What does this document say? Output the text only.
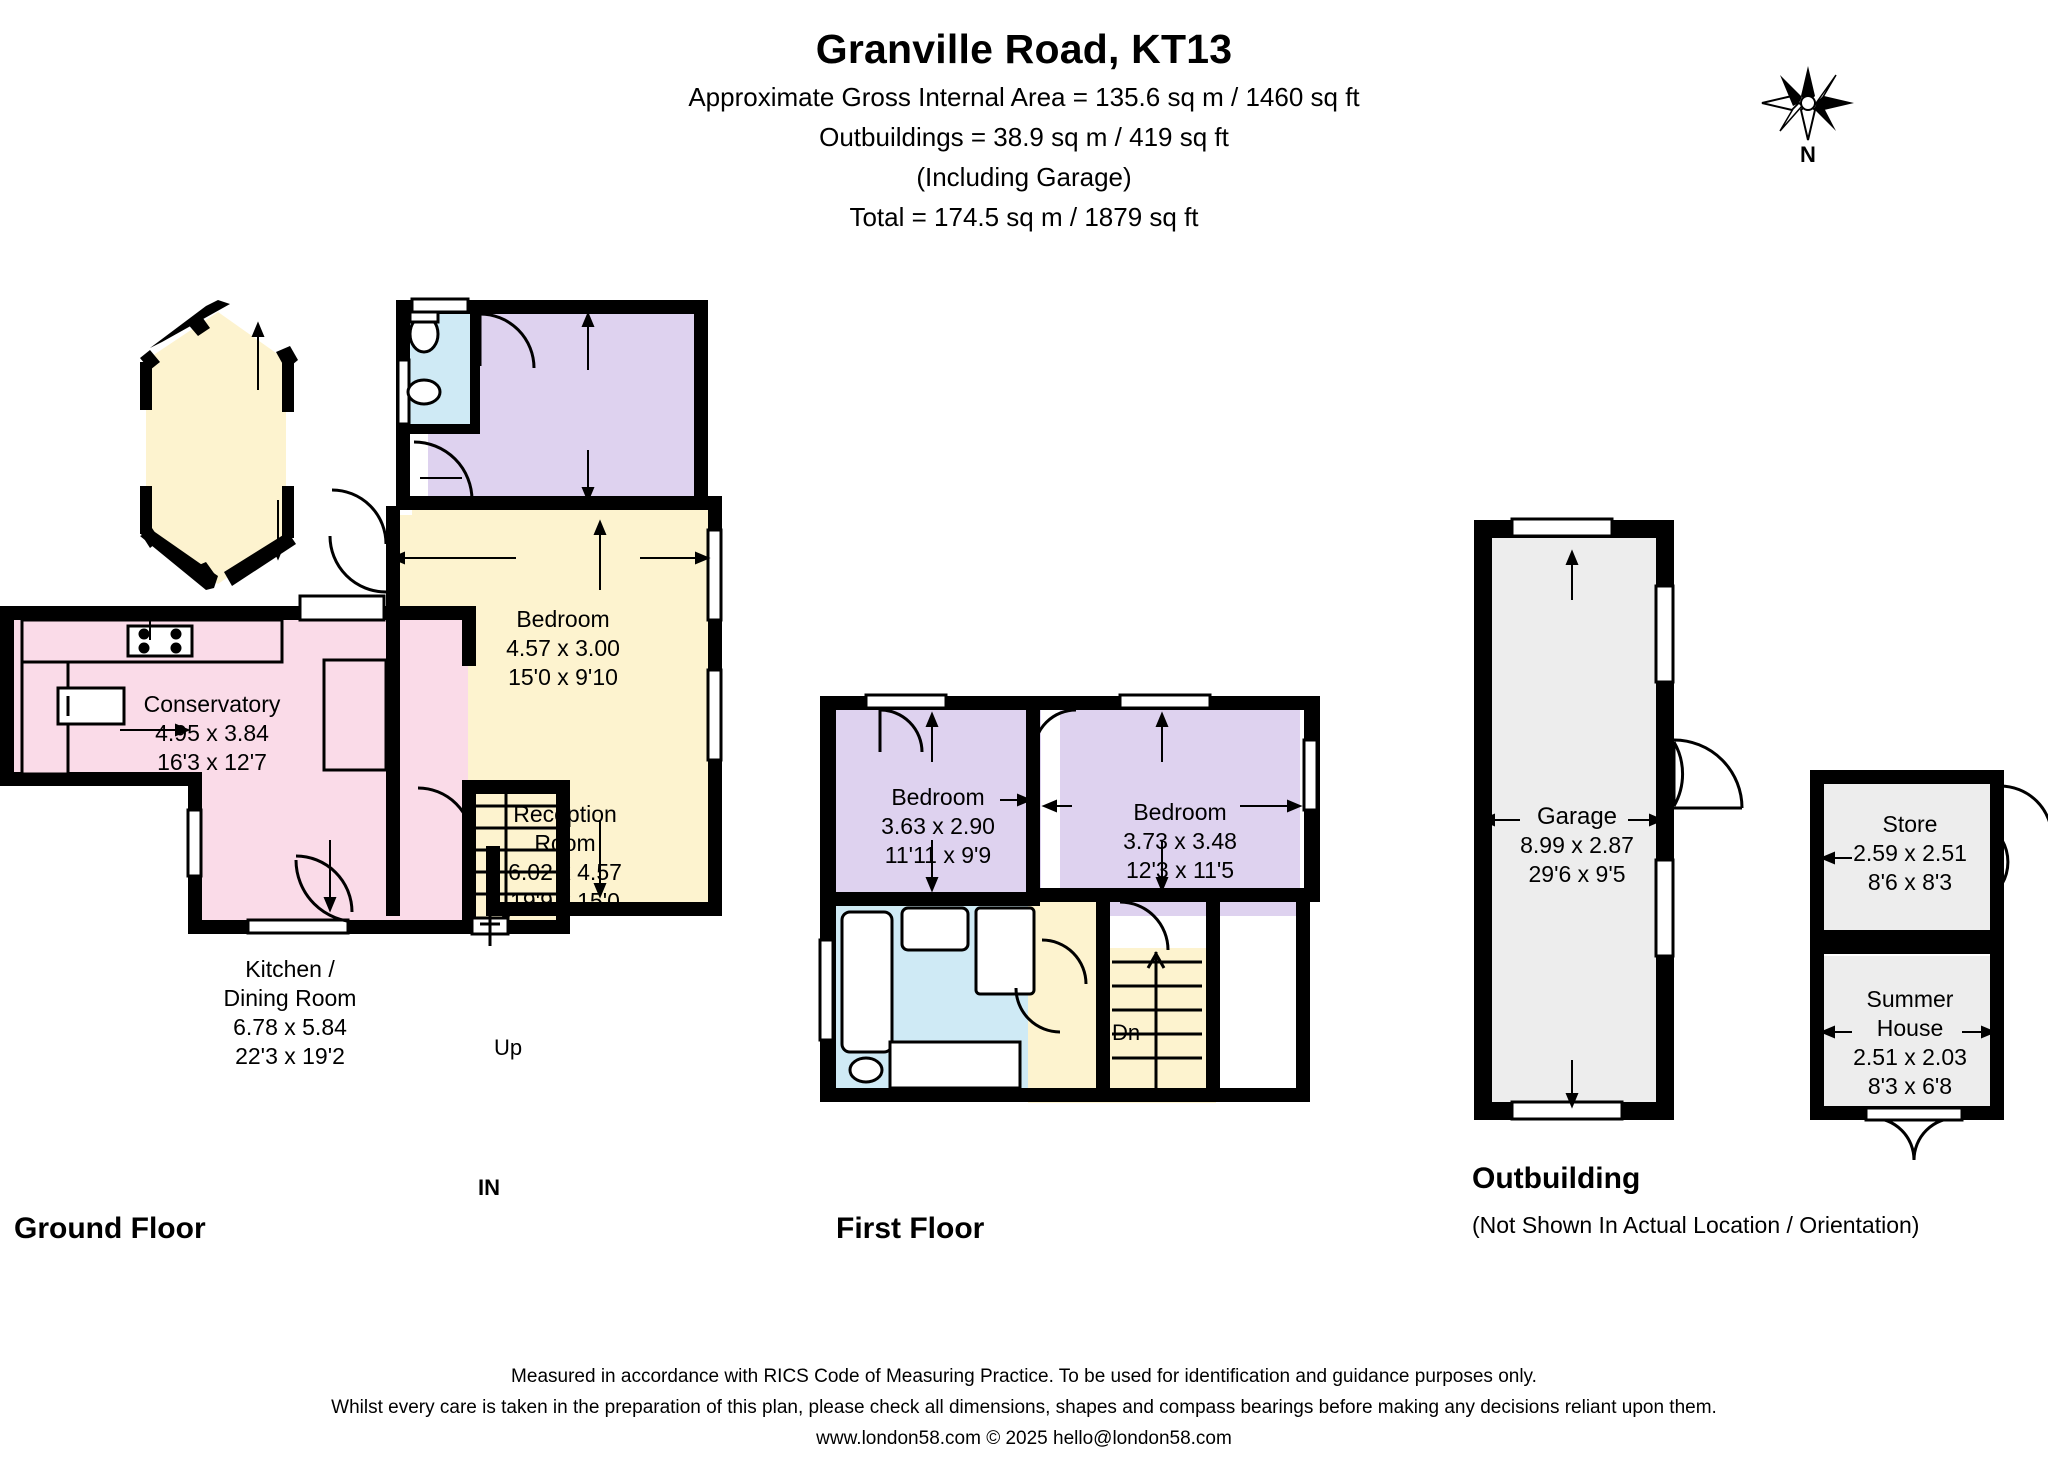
Granville Road, KT13
Approximate Gross Internal Area = 135.6 sq m / 1460 sq ft
Outbuildings = 38.9 sq m / 419 sq ft
(Including Garage)
Total = 174.5 sq m / 1879 sq ft
N
Conservatory
4.95 x 3.84
16'3 x 12'7
Bedroom
4.57 x 3.00
15'0 x 9'10
Reception
Room
6.02 x 4.57
19'9 x 15'0
Kitchen /
Dining Room
6.78 x 5.84
22'3 x 19'2	Up
IN
Ground Floor
Bedroom
3.63 x 2.90
11'11 x 9'9
Bedroom
3.73 x 3.48
12'3 x 11'5
Dn
First Floor
Garage
8.99 x 2.87
29'6 x 9'5
Store
2.59 x 2.51
8'6 x 8'3
Summer
House
2.51 x 2.03
8'3 x 6'8
Outbuilding
(Not Shown In Actual Location / Orientation)
Measured in accordance with RICS Code of Measuring Practice. To be used for identification and guidance purposes only.
Whilst every care is taken in the preparation of this plan, please check all dimensions, shapes and compass bearings before making any decisions reliant upon them.
www.london58.com © 2025 hello@london58.com
